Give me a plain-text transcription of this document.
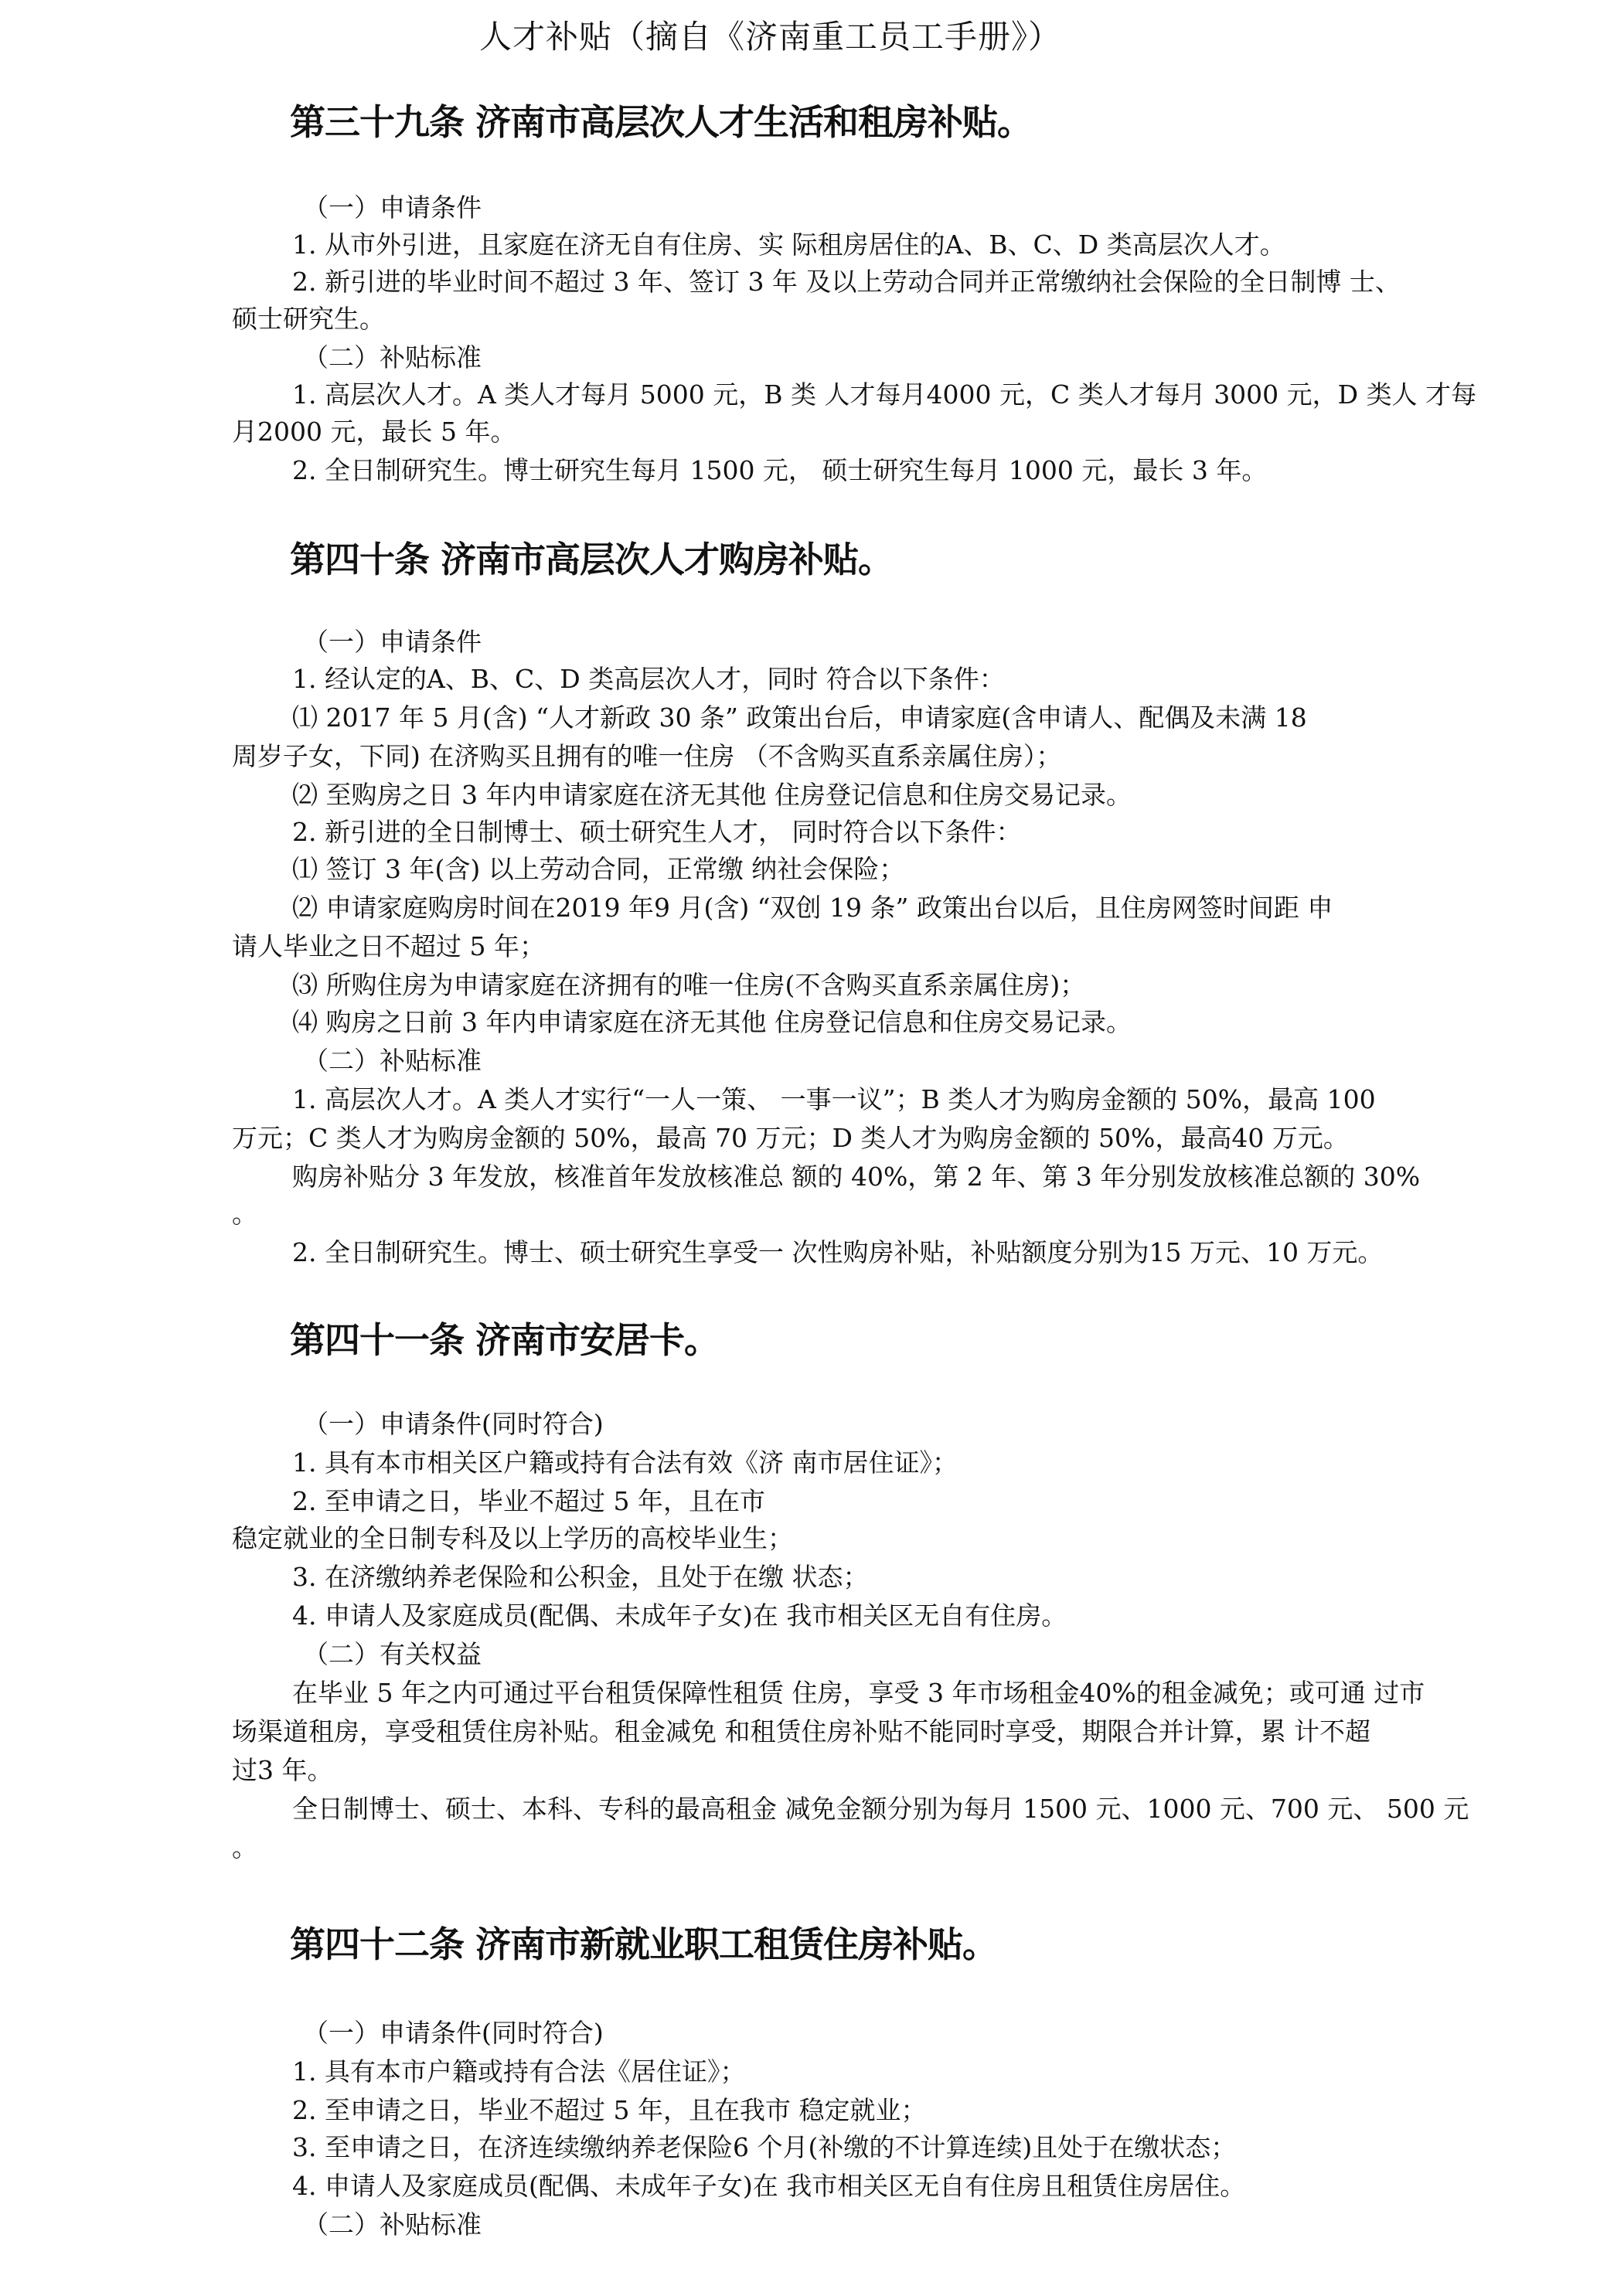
人才补贴（摘自《济南重工员工手册》）
第三十九条 济南市高层次人才生活和租房补贴。
（一）申请条件
1. 从市外引进，且家庭在济无自有住房、实 际租房居住的A、B、C、D 类高层次人才。
2. 新引进的毕业时间不超过 3 年、签订 3 年 及以上劳动合同并正常缴纳社会保险的全日制博 士、
硕士研究生。
（二）补贴标准
1. 高层次人才。A 类人才每月 5000 元，B 类 人才每月4000 元，C 类人才每月 3000 元，D 类人 才每
月2000 元，最长 5 年。
2. 全日制研究生。博士研究生每月 1500 元， 硕士研究生每月 1000 元，最长 3 年。
第四十条 济南市高层次人才购房补贴。
（一）申请条件
1. 经认定的A、B、C、D 类高层次人才，同时 符合以下条件：
⑴ 2017 年 5 月(含) “人才新政 30 条” 政策出台后，申请家庭(含申请人、配偶及未满 18
周岁子女，下同) 在济购买且拥有的唯一住房 （不含购买直系亲属住房）；
⑵ 至购房之日 3 年内申请家庭在济无其他 住房登记信息和住房交易记录。
2. 新引进的全日制博士、硕士研究生人才， 同时符合以下条件：
⑴ 签订 3 年(含) 以上劳动合同，正常缴 纳社会保险；
⑵ 申请家庭购房时间在2019 年9 月(含) “双创 19 条” 政策出台以后，且住房网签时间距 申
请人毕业之日不超过 5 年；
⑶ 所购住房为申请家庭在济拥有的唯一住房(不含购买直系亲属住房)；
⑷ 购房之日前 3 年内申请家庭在济无其他 住房登记信息和住房交易记录。
（二）补贴标准
1. 高层次人才。A 类人才实行“一人一策、 一事一议”；B 类人才为购房金额的 50%，最高 100
万元；C 类人才为购房金额的 50%，最高 70 万元；D 类人才为购房金额的 50%，最高40 万元。
购房补贴分 3 年发放，核准首年发放核准总 额的 40%，第 2 年、第 3 年分别发放核准总额的 30%
。
2. 全日制研究生。博士、硕士研究生享受一 次性购房补贴，补贴额度分别为15 万元、10 万元。
第四十一条 济南市安居卡。
（一）申请条件(同时符合)
1. 具有本市相关区户籍或持有合法有效《济 南市居住证》；
2. 至申请之日，毕业不超过 5 年，且在市
稳定就业的全日制专科及以上学历的高校毕业生；
3. 在济缴纳养老保险和公积金，且处于在缴 状态；
4. 申请人及家庭成员(配偶、未成年子女)在 我市相关区无自有住房。
（二）有关权益
在毕业 5 年之内可通过平台租赁保障性租赁 住房，享受 3 年市场租金40%的租金减免；或可通 过市
场渠道租房，享受租赁住房补贴。租金减免 和租赁住房补贴不能同时享受，期限合并计算，累 计不超
过3 年。
全日制博士、硕士、本科、专科的最高租金 减免金额分别为每月 1500 元、1000 元、700 元、 500 元
。
第四十二条 济南市新就业职工租赁住房补贴。
（一）申请条件(同时符合)
1. 具有本市户籍或持有合法《居住证》；
2. 至申请之日，毕业不超过 5 年，且在我市 稳定就业；
3. 至申请之日，在济连续缴纳养老保险6 个月(补缴的不计算连续)且处于在缴状态；
4. 申请人及家庭成员(配偶、未成年子女)在 我市相关区无自有住房且租赁住房居住。
（二）补贴标准
